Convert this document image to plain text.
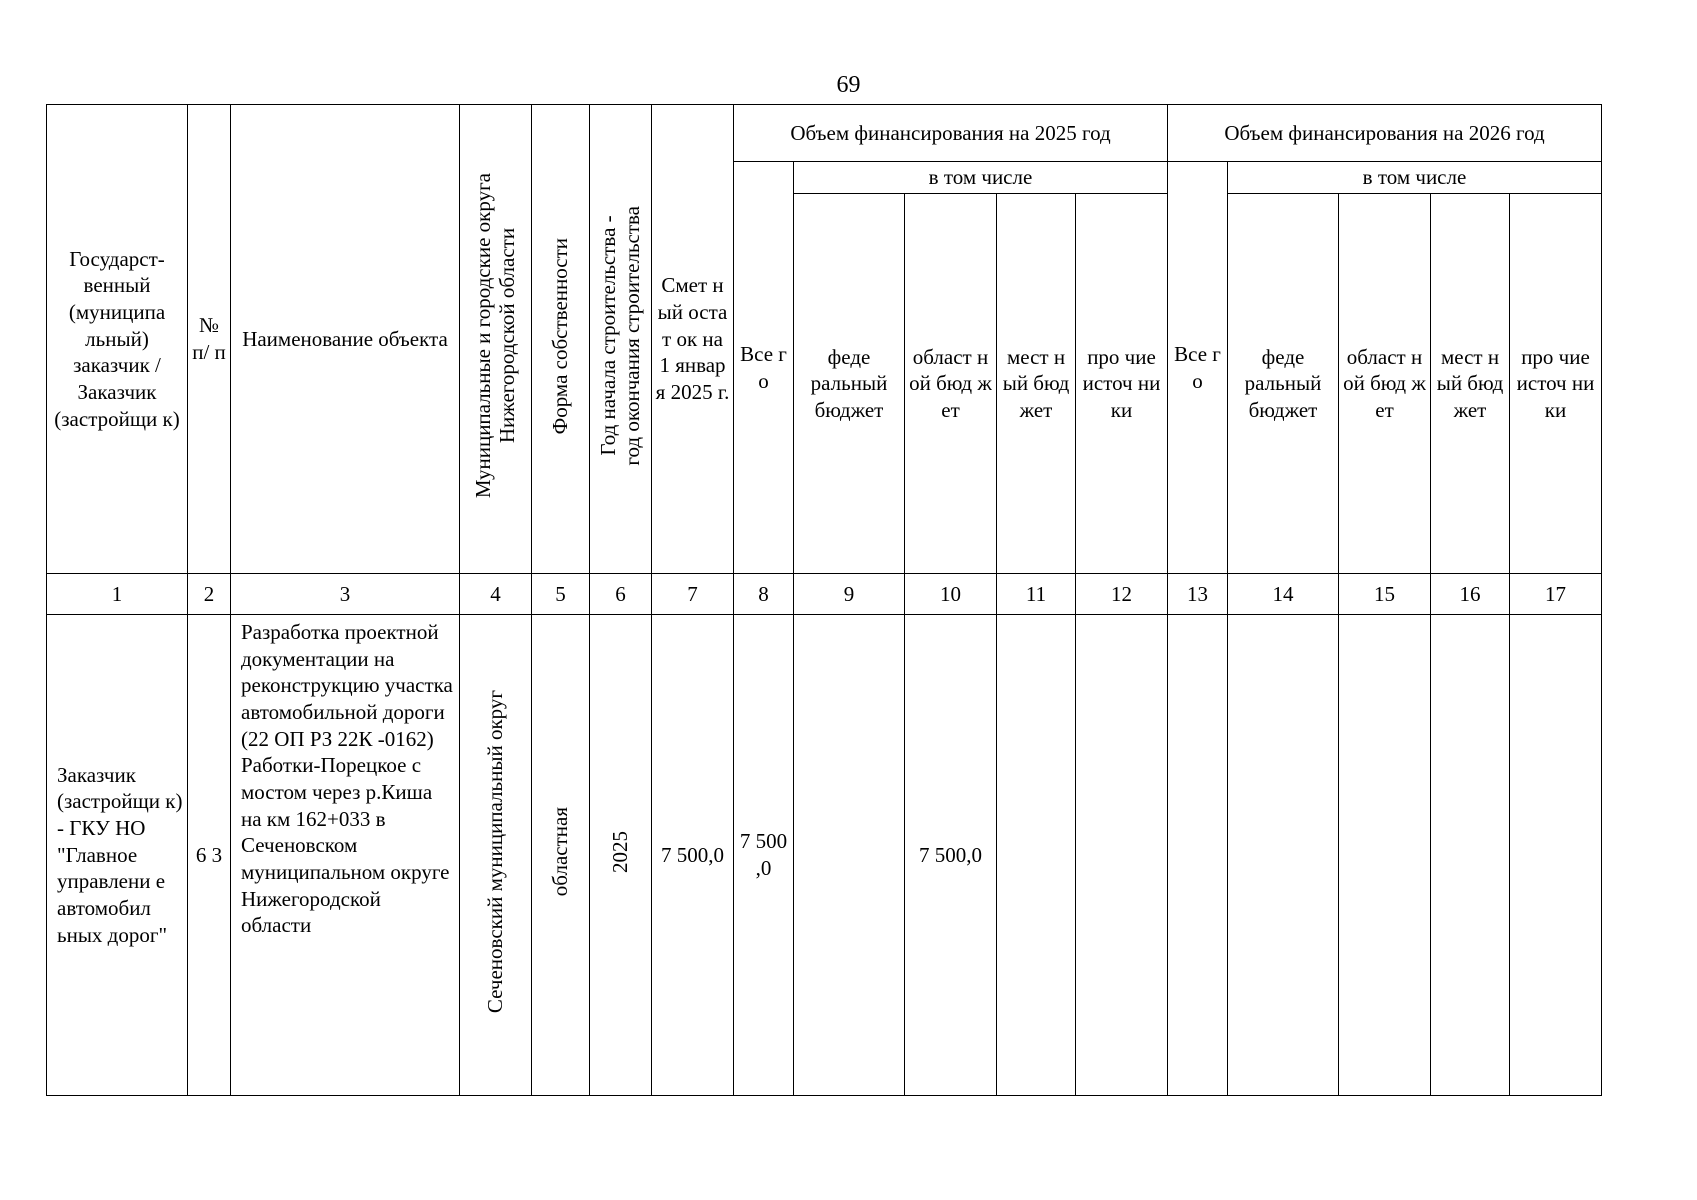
69
Государст-венный (муниципа льный) заказчик / Заказчик (застройщи к)	№ п/ п	Наименование объекта	Муниципальные и городские округа Нижегородской области	Форма собственности	Год начала строительства - год окончания строительства	Смет ный остат ок на 1 январ я 2025 г.	Объем финансирования на 2025 год					Объем финансирования на 2026 год				
							Все го	в том числе				Все го	в том числе			
								феде ральный бюджет	област ной бюд жет	мест ный бюд жет	про чие источ ники		феде ральный бюджет	област ной бюд жет	мест ный бюд жет	про чие источ ники
1	2	3	4	5	6	7	8	9	10	11	12	13	14	15	16	17
Заказчик (застройщи к) - ГКУ НО "Главное управлени е автомобил ьных дорог"	6 3	Разработка проектной документации на реконструкцию участка автомобильной дороги (22 ОП РЗ 22К -0162) Работки-Порецкое с мостом через р.Киша на км 162+033 в Сеченовском муниципальном округе Нижегородской области	Сеченовский муниципальный округ	областная	2025	7 500,0	7 500 ,0		7 500,0							
